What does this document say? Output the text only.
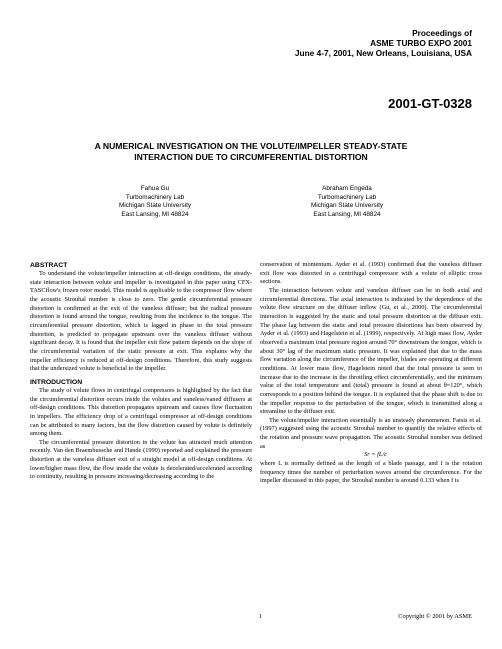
Proceedings of
ASME TURBO EXPO 2001
June 4-7, 2001, New Orleans, Louisiana, USA
2001-GT-0328
A NUMERICAL INVESTIGATION ON THE VOLUTE/IMPELLER STEADY-STATE
INTERACTION DUE TO CIRCUMFERENTIAL DISTORTION
Fahua Gu
Turbomachinery Lab
Michigan State University
East Lansing, MI 48824
Abraham Engeda
Turbomachinery Lab
Michigan State University
East Lansing, MI 48824
ABSTRACT

To understand the volute/impeller interaction at off-design conditions, the steady-state interaction between volute and impeller is investigated in this paper using CFX-TASCflow's frozen rotor model. This model is applicable to the compressor flow where the acoustic Strouhal number is close to zero. The gentle circumferential pressure distortion is confirmed at the exit of the vaneless diffuser; but the radical pressure distortion is found around the tongue, resulting from the incidence to the tongue. The circumferential pressure distortion, which is lagged in phase to the total pressure distortion, is predicted to propagate upstream over the vaneless diffuser without significant decay. It is found that the impeller exit flow pattern depends on the slope of the circumferential variation of the static pressure at exit. This explains why the impeller efficiency is reduced at off-design conditions. Therefore, this study suggests that the undersized volute is beneficial to the impeller.

INTRODUCTION

The study of volute flows in centrifugal compressors is highlighted by the fact that the circumferential distortion occurs inside the volutes and vaneless/vaned diffusers at off-design conditions. This distortion propagates upstream and causes flow fluctuation in impellers. The efficiency drop of a centrifugal compressor at off-design conditions can be attributed to many factors, but the flow distortion caused by volute is definitely among them.

The circumferential pressure distortion in the volute has attracted much attention recently. Van den Braembussche and Hande (1990) reported and explained the pressure distortion at the vaneless diffuser exit of a straight model at off-design conditions. At lower/higher mass flow, the flow inside the volute is decelerated/accelerated according to continuity, resulting in pressure increasing/decreasing according to the

conservation of momentum. Ayder et al. (1993) confirmed that the vaneless diffuser exit flow was distorted in a centrifugal compressor with a volute of elliptic cross sections.

The interaction between volute and vaneless diffuser can be in both axial and circumferential directions. The axial interaction is indicated by the dependence of the volute flow structure on the diffuser inflow (Gu, et al., 2000). The circumferential interaction is suggested by the static and total pressure distortion at the diffuser exit. The phase lag between the static and total pressure distortions has been observed by Ayder et al. (1993) and Hagelstein et al. (1999), respectively. At high mass flow, Ayder observed a maximum total pressure region around 70° downstream the tongue, which is about 30° lag of the maximum static pressure. It was explained that due to the mass flow variation along the circumference of the impeller, blades are operating at different conditions. At lower mass flow, Hagelstein noted that the total pressure is seen to increase due to the increase in the throttling effect circumferentially, and the minimum value of the total temperature and (total) pressure is found at about θ=120°, which corresponds to a position behind the tongue. It is explained that the phase shift is due to the impeller response to the perturbation of the tongue, which is transmitted along a streamline to the diffuser exit.

The volute/impeller interaction essentially is an unsteady phenomenon. Fatsis et al. (1997) suggested using the acoustic Strouhal number to quantify the relative effects of the rotation and pressure wave propagation. The acoustic Strouhal number was defined as

Sr = fL/c

where L is normally defined as the length of a blade passage, and f is the rotation frequency times the number of perturbation waves around the circumference. For the impeller discussed in this paper, the Strouhal number is around 0.133 when f is

1	Copyright © 2001 by ASME
